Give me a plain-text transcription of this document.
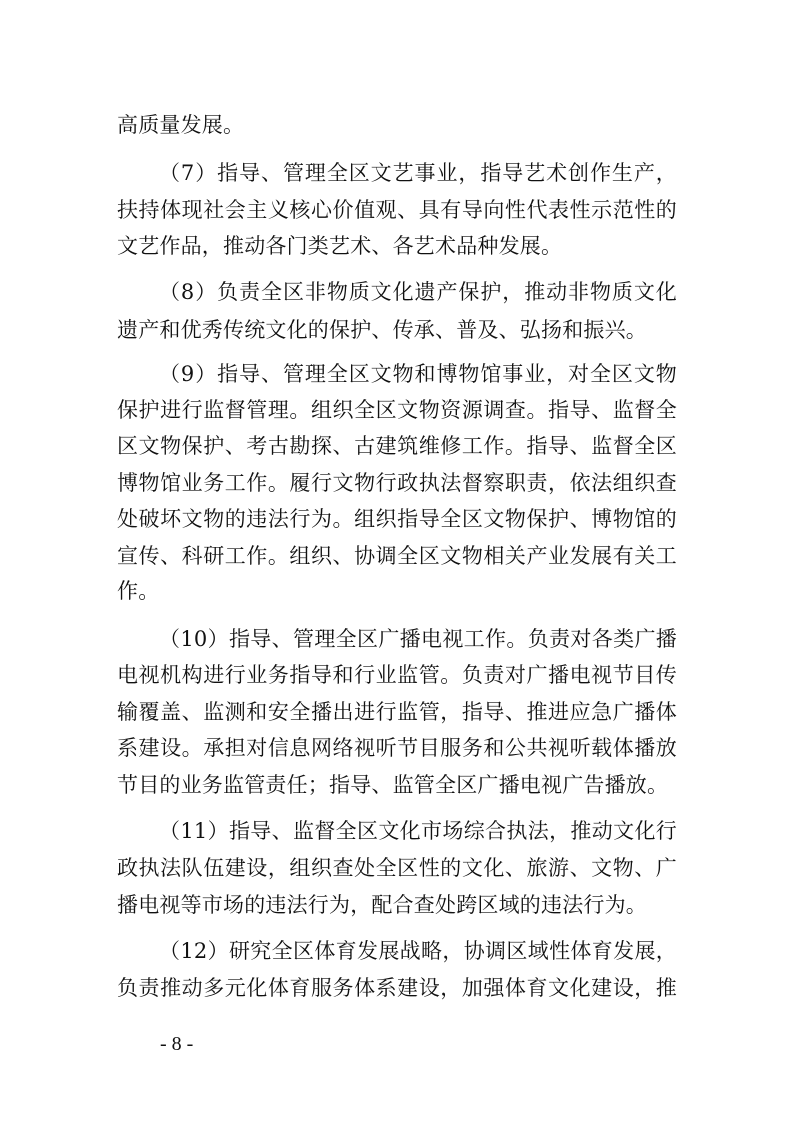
高质量发展。
（7）指导、管理全区文艺事业，指导艺术创作生产，
扶持体现社会主义核心价值观、具有导向性代表性示范性的
文艺作品，推动各门类艺术、各艺术品种发展。
（8）负责全区非物质文化遗产保护，推动非物质文化
遗产和优秀传统文化的保护、传承、普及、弘扬和振兴。
（9）指导、管理全区文物和博物馆事业，对全区文物
保护进行监督管理。组织全区文物资源调查。指导、监督全
区文物保护、考古勘探、古建筑维修工作。指导、监督全区
博物馆业务工作。履行文物行政执法督察职责，依法组织查
处破坏文物的违法行为。组织指导全区文物保护、博物馆的
宣传、科研工作。组织、协调全区文物相关产业发展有关工
作。
（10）指导、管理全区广播电视工作。负责对各类广播
电视机构进行业务指导和行业监管。负责对广播电视节目传
输覆盖、监测和安全播出进行监管，指导、推进应急广播体
系建设。承担对信息网络视听节目服务和公共视听载体播放
节目的业务监管责任；指导、监管全区广播电视广告播放。
（11）指导、监督全区文化市场综合执法，推动文化行
政执法队伍建设，组织查处全区性的文化、旅游、文物、广
播电视等市场的违法行为，配合查处跨区域的违法行为。
（12）研究全区体育发展战略，协调区域性体育发展，
负责推动多元化体育服务体系建设，加强体育文化建设，推
- 8 -
